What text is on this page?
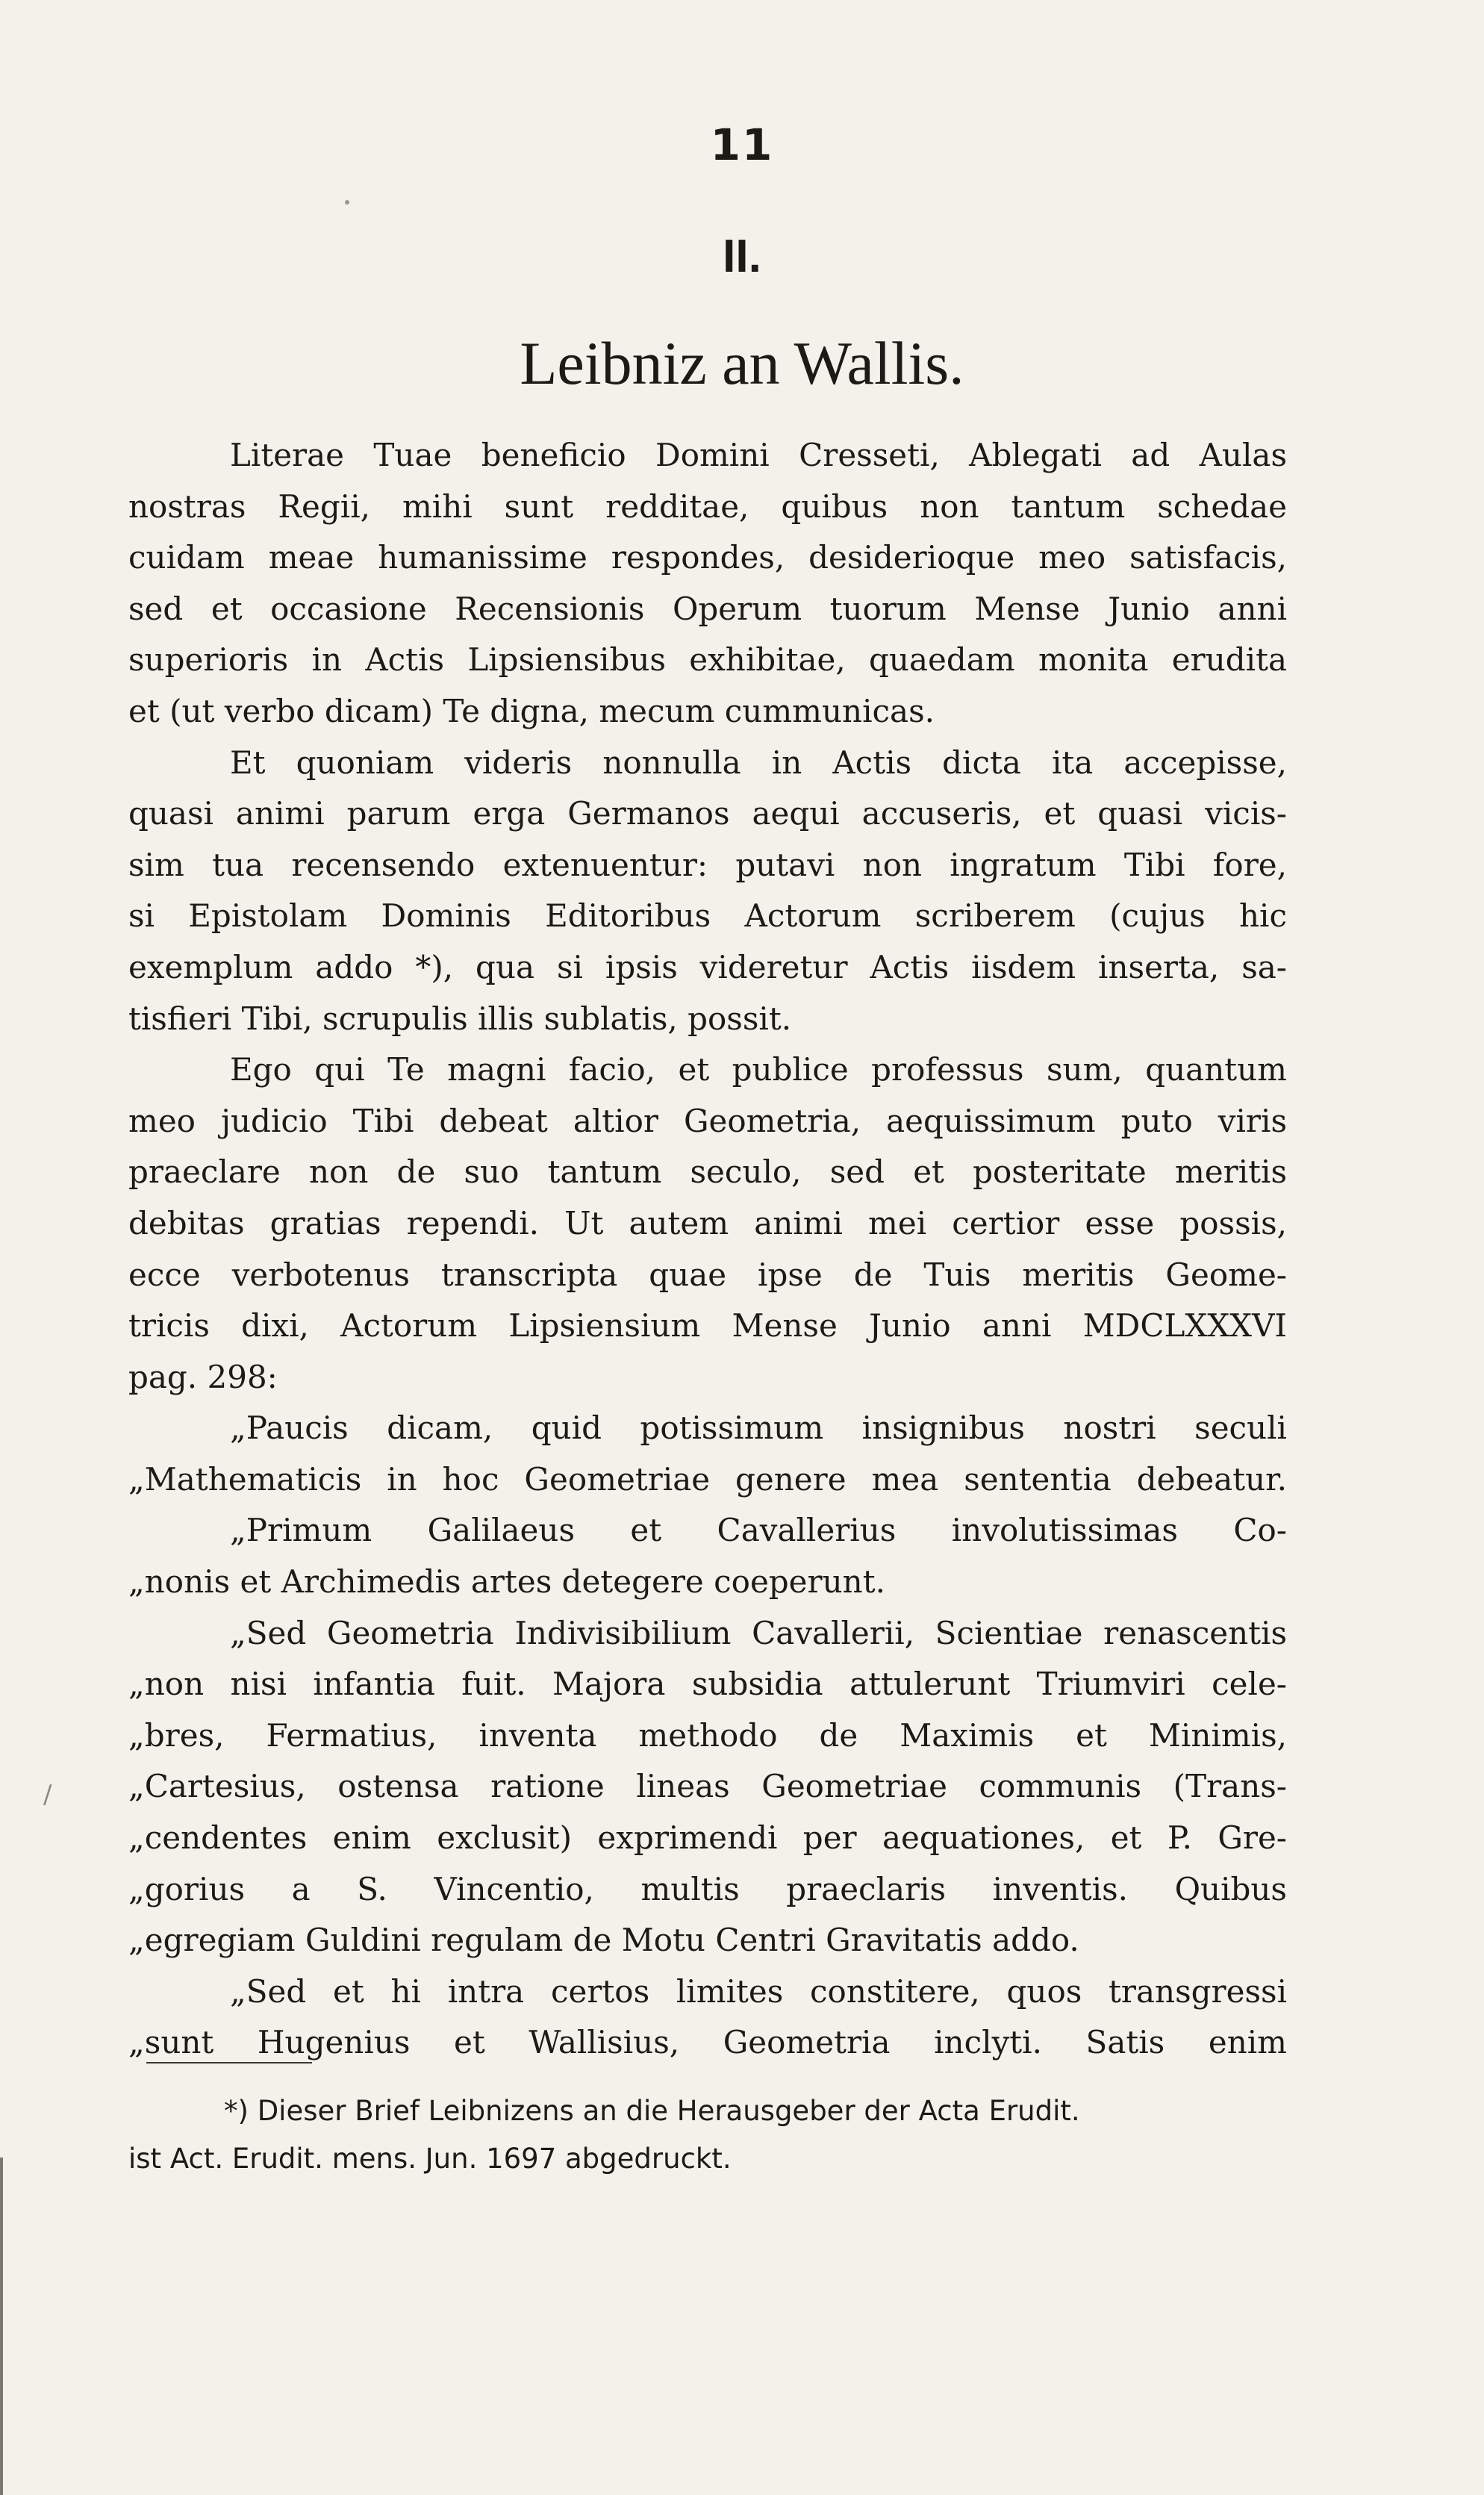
/
11
II.
Leibniz an Wallis.
Literae Tuae beneficio Domini Cresseti, Ablegati ad Aulas
nostras Regii, mihi sunt redditae, quibus non tantum schedae
cuidam meae humanissime respondes, desiderioque meo satisfacis,
sed et occasione Recensionis Operum tuorum Mense Junio anni
superioris in Actis Lipsiensibus exhibitae, quaedam monita erudita
et (ut verbo dicam) Te digna, mecum cummunicas.
Et quoniam videris nonnulla in Actis dicta ita accepisse,
quasi animi parum erga Germanos aequi accuseris, et quasi vicis-
sim tua recensendo extenuentur: putavi non ingratum Tibi fore,
si Epistolam Dominis Editoribus Actorum scriberem (cujus hic
exemplum addo *), qua si ipsis videretur Actis iisdem inserta, sa-
tisfieri Tibi, scrupulis illis sublatis, possit.
Ego qui Te magni facio, et publice professus sum, quantum
meo judicio Tibi debeat altior Geometria, aequissimum puto viris
praeclare non de suo tantum seculo, sed et posteritate meritis
debitas gratias rependi. Ut autem animi mei certior esse possis,
ecce verbotenus transcripta quae ipse de Tuis meritis Geome-
tricis dixi, Actorum Lipsiensium Mense Junio anni MDCLXXXVI
pag. 298:
„Paucis dicam, quid potissimum insignibus nostri seculi
„Mathematicis in hoc Geometriae genere mea sententia debeatur.
„Primum Galilaeus et Cavallerius involutissimas Co-
„nonis et Archimedis artes detegere coeperunt.
„Sed Geometria Indivisibilium Cavallerii, Scientiae renascentis
„non nisi infantia fuit. Majora subsidia attulerunt Triumviri cele-
„bres, Fermatius, inventa methodo de Maximis et Minimis,
„Cartesius, ostensa ratione lineas Geometriae communis (Trans-
„cendentes enim exclusit) exprimendi per aequationes, et P. Gre-
„gorius a S. Vincentio, multis praeclaris inventis. Quibus
„egregiam Guldini regulam de Motu Centri Gravitatis addo.
„Sed et hi intra certos limites constitere, quos transgressi
„sunt Hugenius et Wallisius, Geometria inclyti. Satis enim
*) Dieser Brief Leibnizens an die Herausgeber der Acta Erudit.
ist Act. Erudit. mens. Jun. 1697 abgedruckt.
